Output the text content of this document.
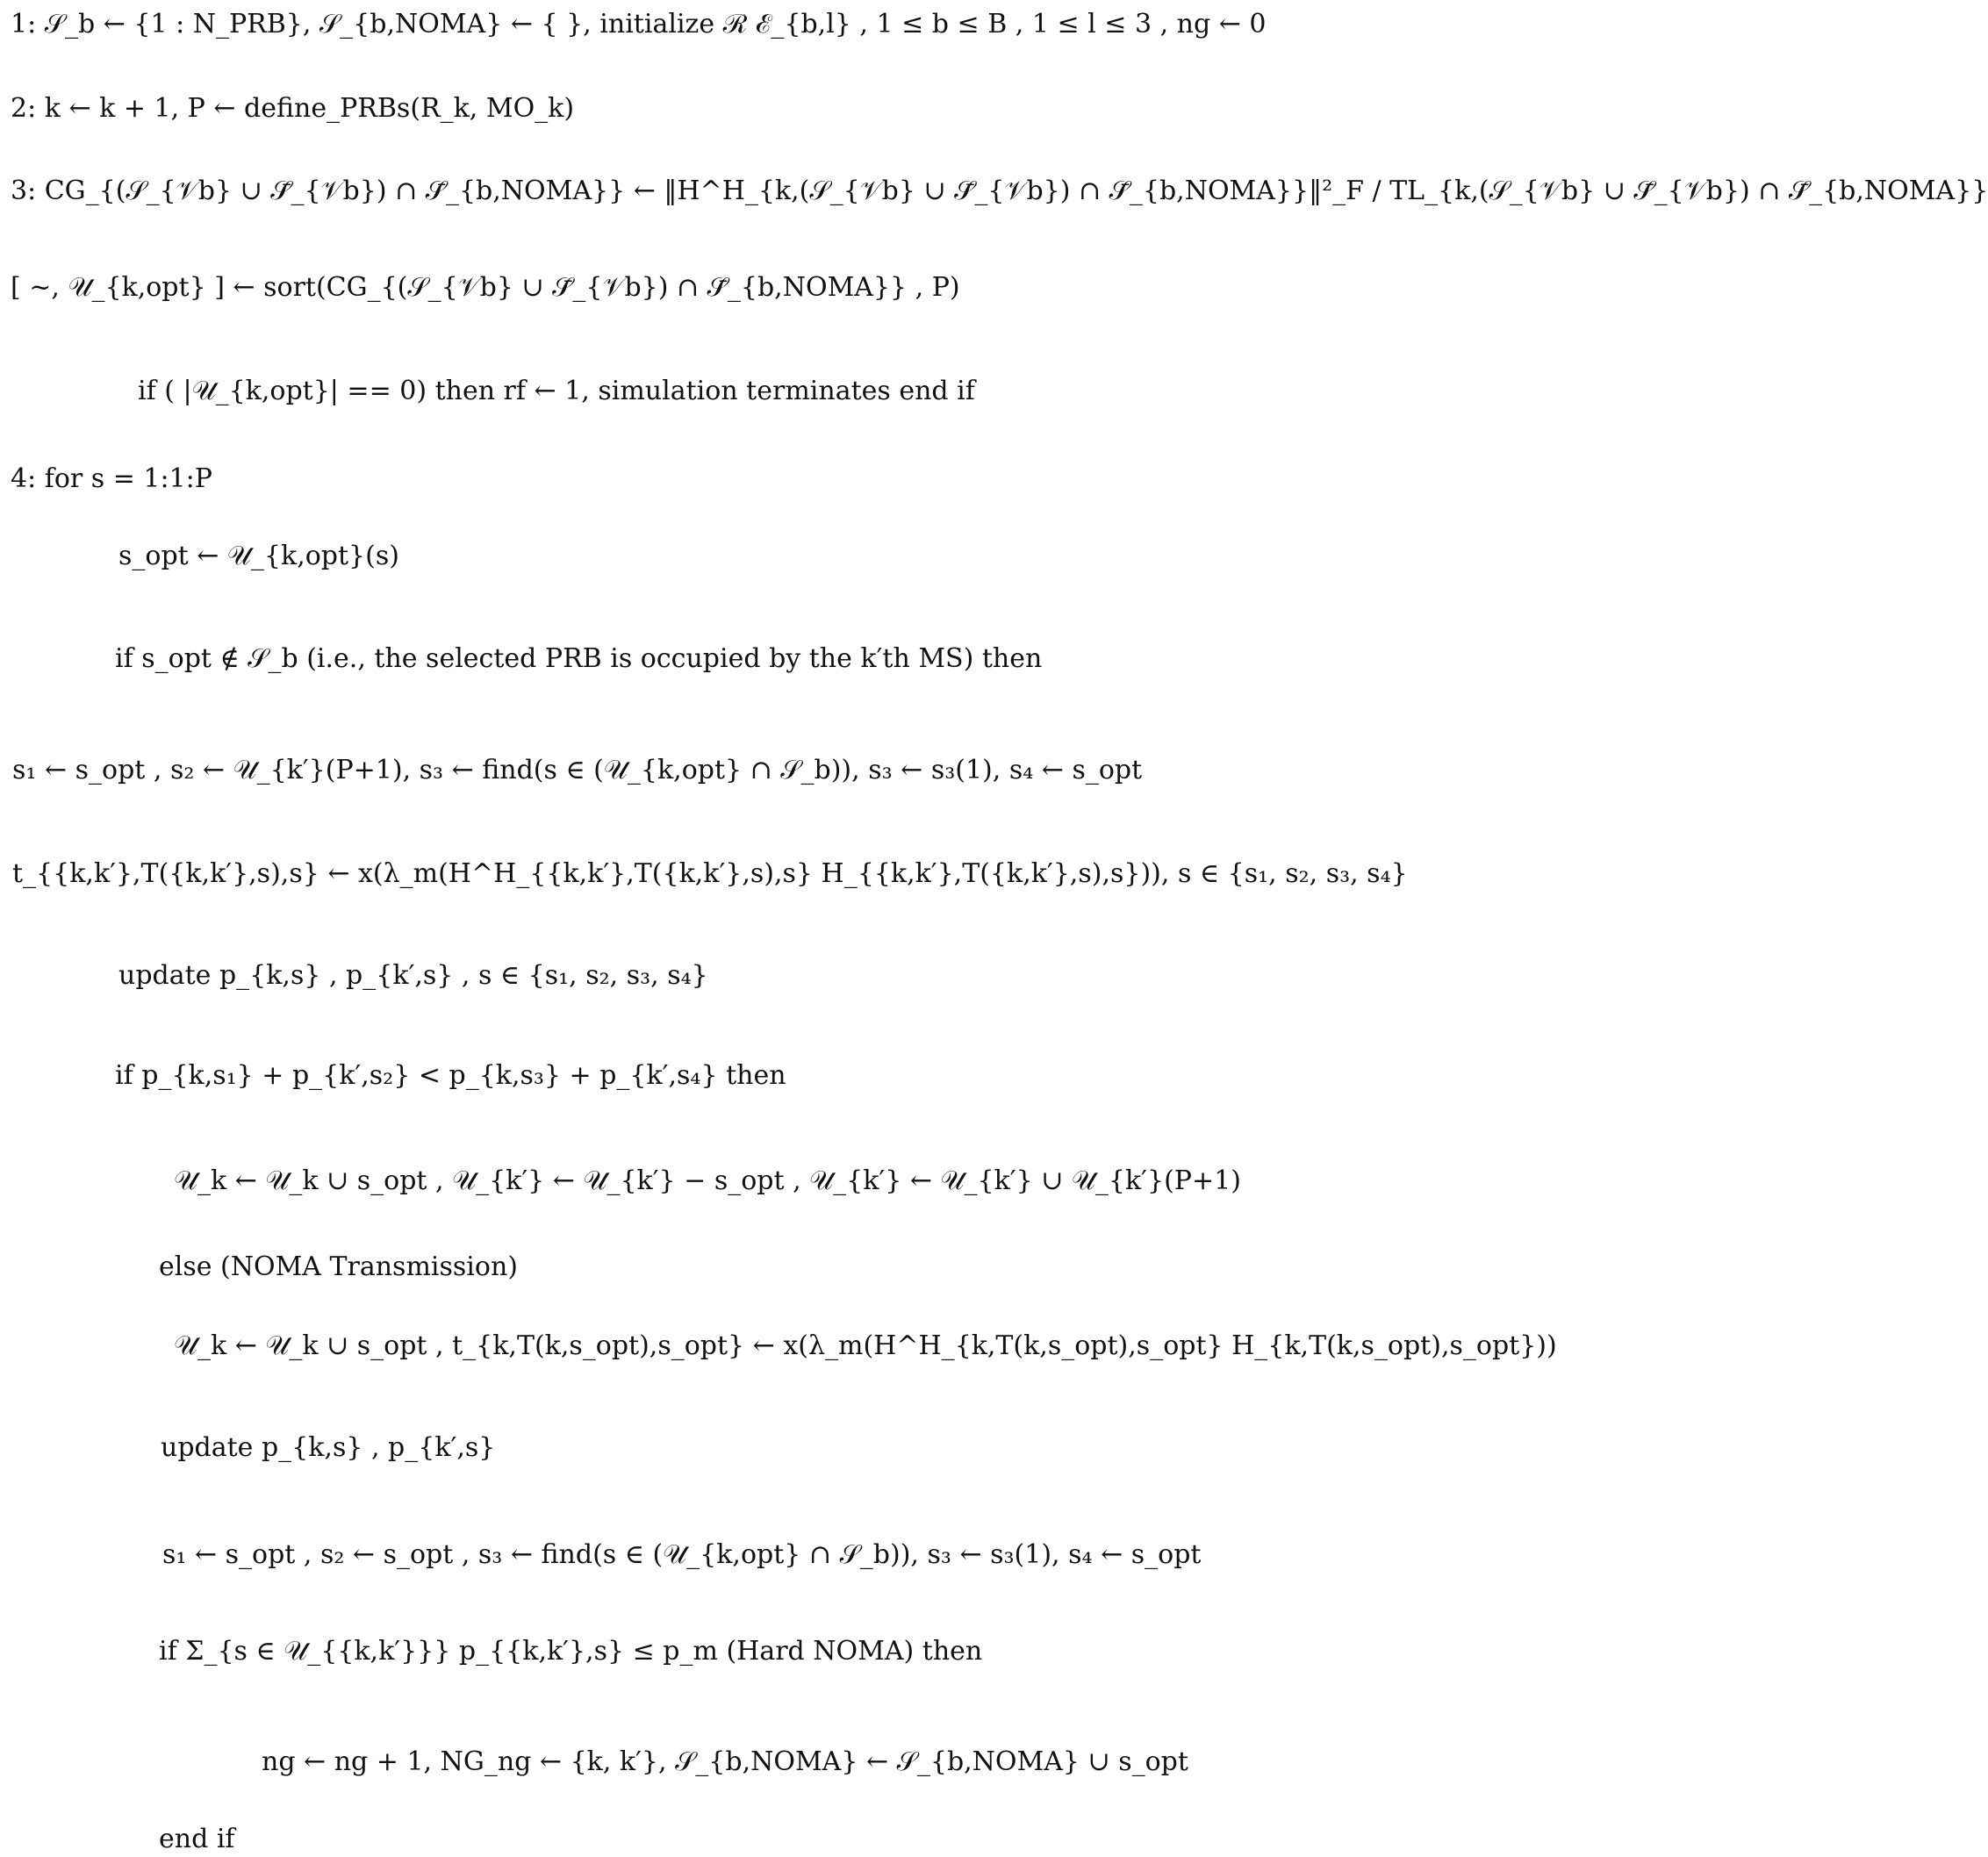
1: 𝒮_b ← {1 : N_PRB}, 𝒮_{b,NOMA} ← { }, initialize ℛ ℰ_{b,l} , 1 ≤ b ≤ B , 1 ≤ l ≤ 3 , ng ← 0
2: k ← k + 1, P ← define_PRBs(R_k, MO_k)
3: CG_{(𝒮_{𝒱b} ∪ 𝒮̄_{𝒱b}) ∩ 𝒮̄_{b,NOMA}} ← ‖H^H_{k,(𝒮_{𝒱b} ∪ 𝒮̄_{𝒱b}) ∩ 𝒮̄_{b,NOMA}}‖²_F / TL_{k,(𝒮_{𝒱b} ∪ 𝒮̄_{𝒱b}) ∩ 𝒮̄_{b,NOMA}}
[ ~, 𝒰_{k,opt} ] ← sort(CG_{(𝒮_{𝒱b} ∪ 𝒮̄_{𝒱b}) ∩ 𝒮̄_{b,NOMA}} , P)
if ( |𝒰_{k,opt}| == 0) then rf ← 1, simulation terminates end if
4: for s = 1:1:P
s_opt ← 𝒰_{k,opt}(s)
if s_opt ∉ 𝒮_b (i.e., the selected PRB is occupied by the k′th MS) then
s₁ ← s_opt , s₂ ← 𝒰_{k′}(P+1), s₃ ← find(s ∈ (𝒰_{k,opt} ∩ 𝒮_b)), s₃ ← s₃(1), s₄ ← s_opt
t_{{k,k′},T({k,k′},s),s} ← x(λ_m(H^H_{{k,k′},T({k,k′},s),s} H_{{k,k′},T({k,k′},s),s})), s ∈ {s₁, s₂, s₃, s₄}
update p_{k,s} , p_{k′,s} , s ∈ {s₁, s₂, s₃, s₄}
if p_{k,s₁} + p_{k′,s₂} < p_{k,s₃} + p_{k′,s₄} then
𝒰_k ← 𝒰_k ∪ s_opt , 𝒰_{k′} ← 𝒰_{k′} − s_opt , 𝒰_{k′} ← 𝒰_{k′} ∪ 𝒰_{k′}(P+1)
else (NOMA Transmission)
𝒰_k ← 𝒰_k ∪ s_opt , t_{k,T(k,s_opt),s_opt} ← x(λ_m(H^H_{k,T(k,s_opt),s_opt} H_{k,T(k,s_opt),s_opt}))
update p_{k,s} , p_{k′,s}
s₁ ← s_opt , s₂ ← s_opt , s₃ ← find(s ∈ (𝒰_{k,opt} ∩ 𝒮_b)), s₃ ← s₃(1), s₄ ← s_opt
if Σ_{s ∈ 𝒰_{{k,k′}}} p_{{k,k′},s} ≤ p_m (Hard NOMA) then
ng ← ng + 1, NG_ng ← {k, k′}, 𝒮_{b,NOMA} ← 𝒮_{b,NOMA} ∪ s_opt
end if
